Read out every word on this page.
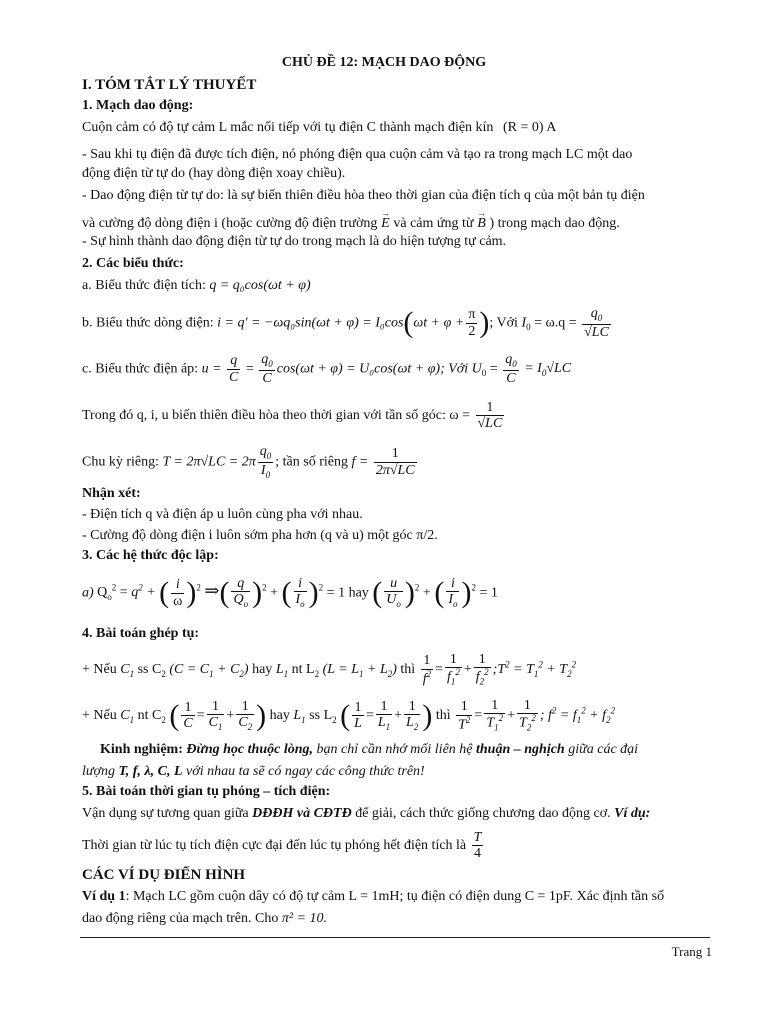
CHỦ ĐỀ 12: MẠCH DAO ĐỘNG
I. TÓM TẮT LÝ THUYẾT
1. Mạch dao động:
Cuộn cảm có độ tự cảm L mắc nối tiếp với tụ điện C thành mạch điện kín (R = 0) A
- Sau khi tụ điện đã được tích điện, nó phóng điện qua cuộn cảm và tạo ra trong mạch LC một dao
động điện từ tự do (hay dòng điện xoay chiều).
- Dao động điện từ tự do: là sự biến thiên điều hòa theo thời gian của điện tích q của một bản tụ điện
và cường độ dòng điện i (hoặc cường độ điện trường → E và cảm ứng từ → B ) trong mạch dao động.
- Sự hình thành dao động điện từ tự do trong mạch là do hiện tượng tự cảm.
2. Các biểu thức:
a. Biểu thức điện tích: q = q₀cos(ωt + φ)
b. Biểu thức dòng điện: $i = q' = -\omega q_0\sin(\omega t + \varphi) = I_0\cos(\omega t + \varphi + \frac{\pi}{2}$ ); Với $I_0 = \omega.q = \frac{q_0}{√LC}$
c. Biểu thức điện áp: $u = \frac{q}{C} = \frac{q_0}{C} \cos(\omega t + \varphi) = U_0\cos(\omega t + \varphi)$; Với $U_0 = \frac{q_0}{C} = I_0√LC$
Trong đó q, i, u biến thiên điều hòa theo thời gian với tần số góc: $\omega = \frac{1}{√LC}$
Chu kỳ riêng: $T = 2\pi√LC = 2\pi \frac{q_0}{I_0}$ ; tần số riêng $f = \frac{1}{2\pi√LC}$
Nhận xét:
- Điện tích q và điện áp u luôn cùng pha với nhau.
- Cường độ dòng điện i luôn sớm pha hơn (q và u) một góc π/2.
3. Các hệ thức độc lập:
a) $Q_o^2 = q^2$ + ( $\frac{i}{\omega} )^2$ ⇒( $\frac{q}{Q_o} )^2$ + ( $\frac{i}{I_o} )^2 = 1$ hay ( $\frac{u}{U_o} )^2$ + ( $\frac{i}{I_o} )^2 = 1$
4. Bài toán ghép tụ:
+ Nếu $C_1$ ss $C_2$ $(C = C_1 + C_2)$ hay $L_1$ nt $L_2$ $(L = L_1 + L_2)$ thì $\frac{1}{f^2} = \frac{1}{f_1^2} + \frac{1}{f_2^2}$ $;T^2 = T_1^2 + T_2^2$
+ Nếu $C_1$ nt $C_2$ ( $\frac{1}{C} = \frac{1}{C_1} + \frac{1}{C_2}$ ) hay $L_1$ ss $L_2$ ( $\frac{1}{L} = \frac{1}{L_1} + \frac{1}{L_2}$ ) thì $\frac{1}{T^2} = \frac{1}{T_1^2} + \frac{1}{T_2^2}$ ; $f^2 = f_1^2 + f_2^2$
Kinh nghiệm: Đừng học thuộc lòng, bạn chỉ cần nhớ mối liên hệ thuận – nghịch giữa các đại
lượng T, f, λ, C, L với nhau ta sẽ có ngay các công thức trên!
5. Bài toán thời gian tụ phóng – tích điện:
Vận dụng sự tương quan giữa DĐĐH và CĐTĐ để giải, cách thức giống chương dao động cơ. Ví dụ:
Thời gian từ lúc tụ tích điện cực đại đến lúc tụ phóng hết điện tích là $\frac{T}{4}$
CÁC VÍ DỤ ĐIỂN HÌNH
Ví dụ 1: Mạch LC gồm cuộn dây có độ tự cảm L = 1mH; tụ điện có điện dung C = 1pF. Xác định tần số
dao động riêng của mạch trên. Cho π² = 10.
Trang 1
